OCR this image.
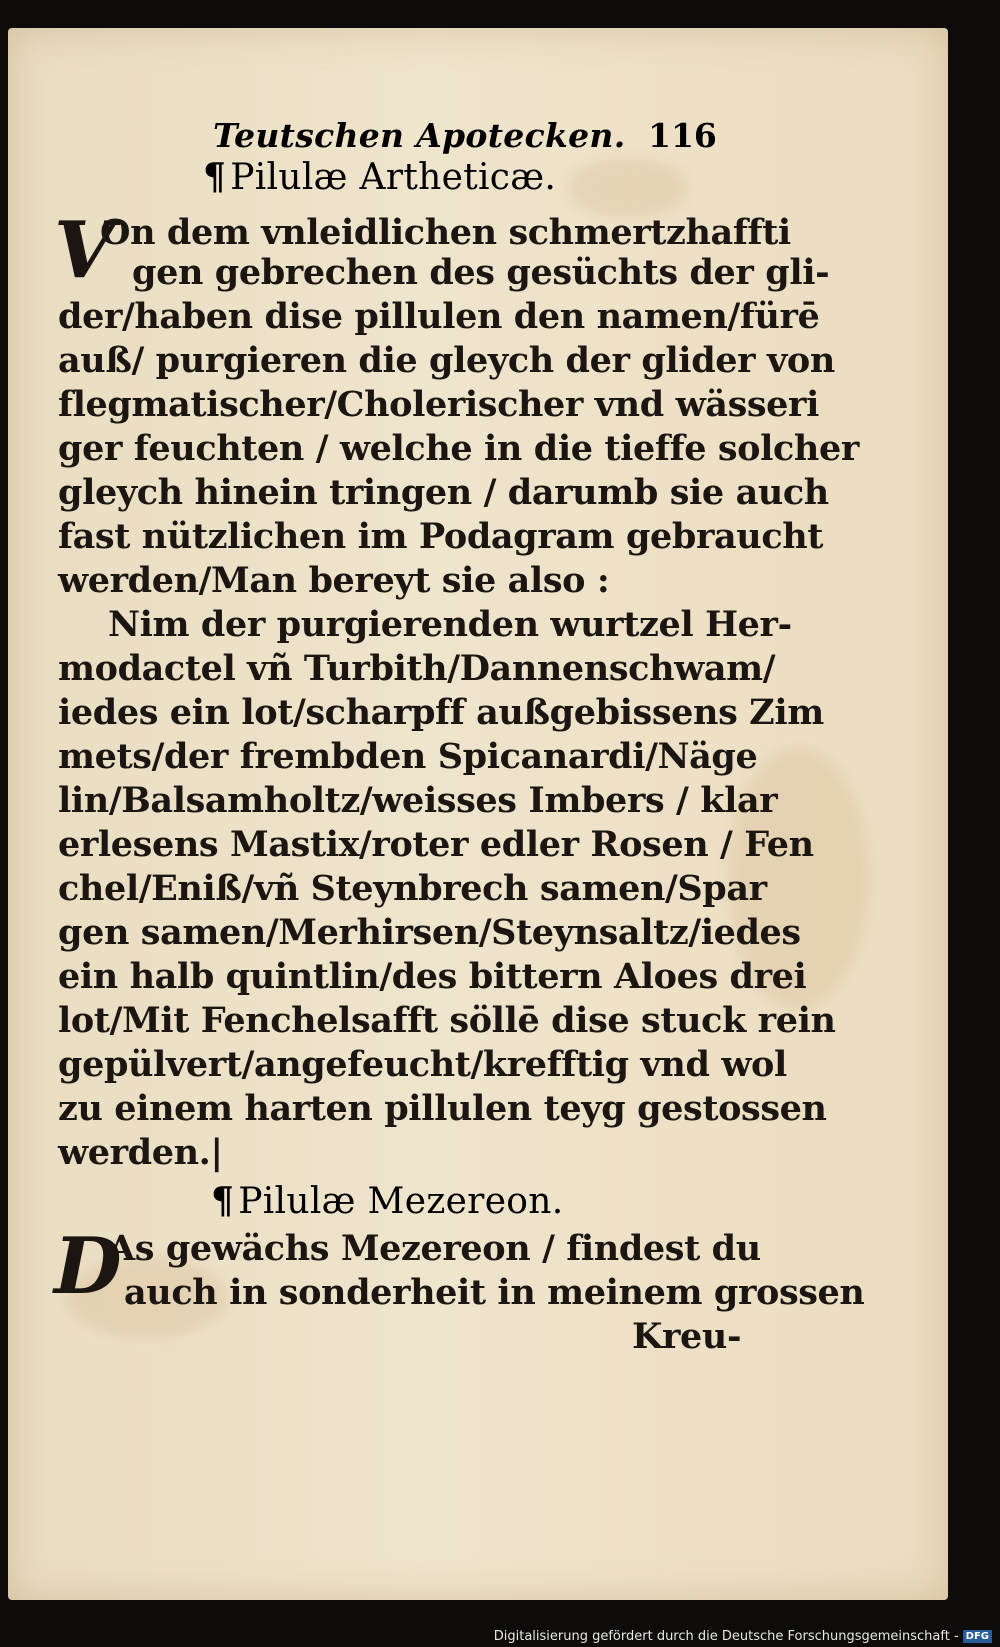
Teutschen Apotecken. 116
¶ Pilulæ Artheticæ.
V
On dem vnleidlichen schmertzhaffti
gen gebrechen des gesüchts der gli-
der/haben dise pillulen den namen/fürē
auß/ purgieren die gleych der glider von
flegmatischer/Cholerischer vnd wässeri
ger feuchten / welche in die tieffe solcher
gleych hinein tringen / darumb sie auch
fast nützlichen im Podagram gebraucht
werden/Man bereyt sie also :
Nim der purgierenden wurtzel Her-
modactel vñ Turbith/Dannenschwam/
iedes ein lot/scharpff außgebissens Zim
mets/der frembden Spicanardi/Näge
lin/Balsamholtz/weisses Imbers / klar
erlesens Mastix/roter edler Rosen / Fen
chel/Eniß/vñ Steynbrech samen/Spar
gen samen/Merhirsen/Steynsaltz/iedes
ein halb quintlin/des bittern Aloes drei
lot/Mit Fenchelsafft söllē dise stuck rein
gepülvert/angefeucht/krefftig vnd wol
zu einem harten pillulen teyg gestossen
werden.|
¶ Pilulæ Mezereon.
D
As gewächs Mezereon / findest du
auch in sonderheit in meinem grossen
Kreu-
Digitalisierung gefördert durch die Deutsche Forschungsgemeinschaft - DFG
